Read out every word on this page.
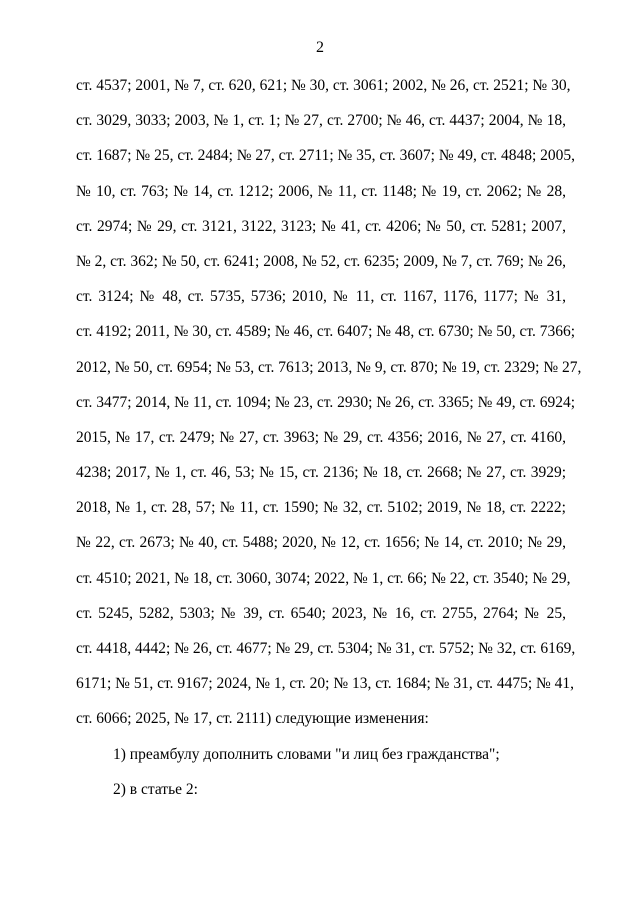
2
ст. 4537; 2001, № 7, ст. 620, 621; № 30, ст. 3061; 2002, № 26, ст. 2521; № 30,
ст. 3029, 3033; 2003, № 1, ст. 1; № 27, ст. 2700; № 46, ст. 4437; 2004, № 18,
ст. 1687; № 25, ст. 2484; № 27, ст. 2711; № 35, ст. 3607; № 49, ст. 4848; 2005,
№ 10, ст. 763; № 14, ст. 1212; 2006, № 11, ст. 1148; № 19, ст. 2062; № 28,
ст. 2974; № 29, ст. 3121, 3122, 3123; № 41, ст. 4206; № 50, ст. 5281; 2007,
№ 2, ст. 362; № 50, ст. 6241; 2008, № 52, ст. 6235; 2009, № 7, ст. 769; № 26,
ст. 3124; № 48, ст. 5735, 5736; 2010, № 11, ст. 1167, 1176, 1177; № 31,
ст. 4192; 2011, № 30, ст. 4589; № 46, ст. 6407; № 48, ст. 6730; № 50, ст. 7366;
2012, № 50, ст. 6954; № 53, ст. 7613; 2013, № 9, ст. 870; № 19, ст. 2329; № 27,
ст. 3477; 2014, № 11, ст. 1094; № 23, ст. 2930; № 26, ст. 3365; № 49, ст. 6924;
2015, № 17, ст. 2479; № 27, ст. 3963; № 29, ст. 4356; 2016, № 27, ст. 4160,
4238; 2017, № 1, ст. 46, 53; № 15, ст. 2136; № 18, ст. 2668; № 27, ст. 3929;
2018, № 1, ст. 28, 57; № 11, ст. 1590; № 32, ст. 5102; 2019, № 18, ст. 2222;
№ 22, ст. 2673; № 40, ст. 5488; 2020, № 12, ст. 1656; № 14, ст. 2010; № 29,
ст. 4510; 2021, № 18, ст. 3060, 3074; 2022, № 1, ст. 66; № 22, ст. 3540; № 29,
ст. 5245, 5282, 5303; № 39, ст. 6540; 2023, № 16, ст. 2755, 2764; № 25,
ст. 4418, 4442; № 26, ст. 4677; № 29, ст. 5304; № 31, ст. 5752; № 32, ст. 6169,
6171; № 51, ст. 9167; 2024, № 1, ст. 20; № 13, ст. 1684; № 31, ст. 4475; № 41,
ст. 6066; 2025, № 17, ст. 2111) следующие изменения:
1) преамбулу дополнить словами "и лиц без гражданства";
2) в статье 2:
